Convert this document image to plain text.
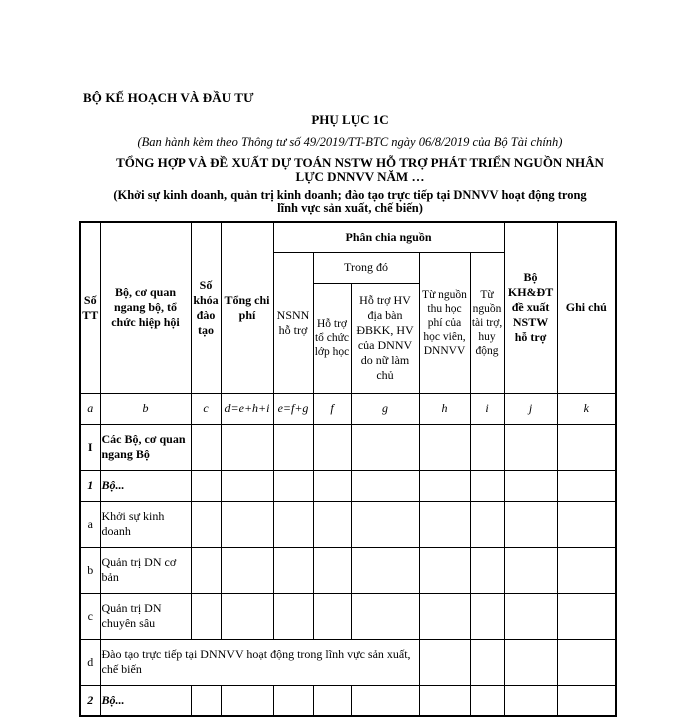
BỘ KẾ HOẠCH VÀ ĐẦU TƯ
PHỤ LỤC 1C
(Ban hành kèm theo Thông tư số 49/2019/TT-BTC ngày 06/8/2019 của Bộ Tài chính)
TỔNG HỢP VÀ ĐỀ XUẤT DỰ TOÁN NSTW HỖ TRỢ PHÁT TRIỂN NGUỒN NHÂN
LỰC DNNVV NĂM …
(Khởi sự kinh doanh, quản trị kinh doanh; đào tạo trực tiếp tại DNNVV hoạt động trong
lĩnh vực sản xuất, chế biến)
Số TT	Bộ, cơ quan ngang bộ, tổ chức hiệp hội	Số khóa đào tạo	Tổng chi phí	Phân chia nguồn					Bộ KH&ĐT đề xuất NSTW hỗ trợ	Ghi chú
				NSNN hỗ trợ	Trong đó		Từ nguồn thu học phí của học viên, DNNVV	Từ nguồn tài trợ, huy động		
					Hỗ trợ tổ chức lớp học	Hỗ trợ HV địa bàn ĐBKK, HV của DNNV do nữ làm chủ				
a	b	c	d=e+h+i	e=f+g	f	g	h	i	j	k
I	Các Bộ, cơ quan ngang Bộ									
1	Bộ...									
a	Khởi sự kinh doanh									
b	Quản trị DN cơ bản									
c	Quản trị DN chuyên sâu									
d	Đào tạo trực tiếp tại DNNVV hoạt động trong lĩnh vực sản xuất, chế biến									
2	Bộ...									
